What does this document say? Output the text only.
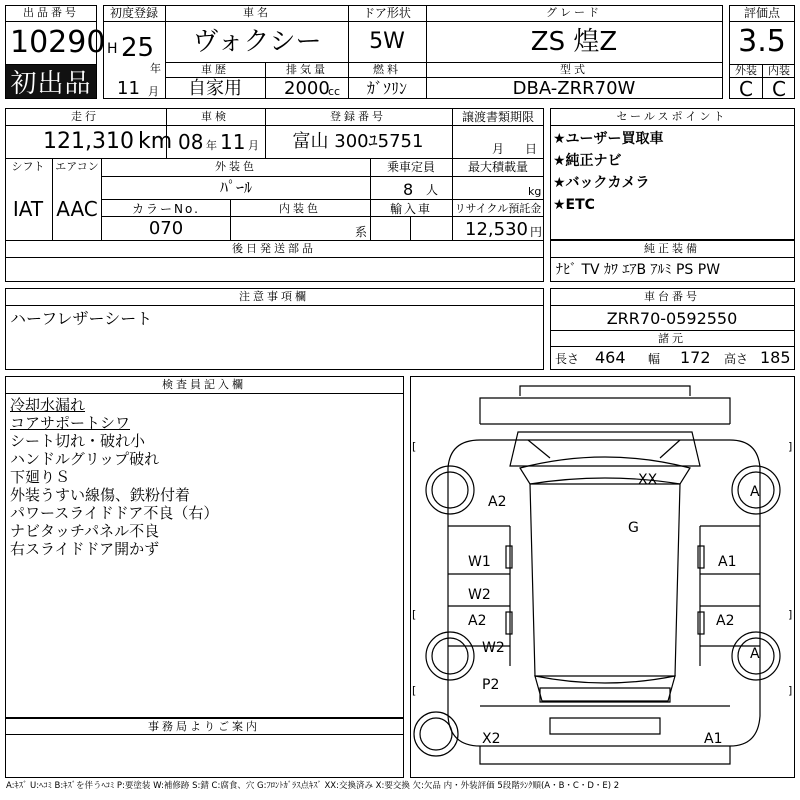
出品番号
10290
初出品
初度登録
H 25
年
11 月
車名
ヴォクシー
ドア形状
5W
グレード
ZS 煌Z
車歴
自家用
排気量
2000
cc
燃料
ｶﾞｿﾘﾝ
型式
DBA-ZRR70W
評価点
3.5
外装 内装
C C
走行
121,310 km
車検
08 年 11 月
登録番号
富山 300ﾕ5751
譲渡書類期限
月 日
シフト エアコン
IAT AAC
外装色
ﾊﾟｰﾙ
乗車定員
8 人
最大積載量
kg
カラーNo.
070
内装色
系
輸入車 リサイクル預託金
12,530 円
後日発送部品
セールスポイント
★ユーザー買取車
★純正ナビ
★バックカメラ
★ETC
純正装備
ﾅﾋﾞ TV ｶﾜ ｴｱB ｱﾙﾐ PS PW
注意事項欄
ハーフレザーシート
車台番号
ZRR70-0592550
諸元
長さ 464 幅 172 高さ 185
検査員記入欄
冷却水漏れ
コアサポートシワ
シート切れ・破れ小
ハンドルグリップ破れ
下廻りＳ
外装うすい線傷、鉄粉付着
パワースライドドア不良（右）
ナビタッチパネル不良
右スライドドア開かず
事務局よりご案内
[	]
[	]
[	]
XX
G
A2
A
W1	A1
W2
A2	A2
W2	A
P2
X2	A1
A:ｷｽﾞ U:ﾍｺﾐ B:ｷｽﾞを伴うﾍｺﾐ P:要塗装 W:補修跡 S:錆 C:腐食、穴 G:ﾌﾛﾝﾄｶﾞﾗｽ点ｷｽﾞ XX:交換済み X:要交換 欠:欠品 内・外装評価 5段階ﾗﾝｸ順(A・B・C・D・E) 2
